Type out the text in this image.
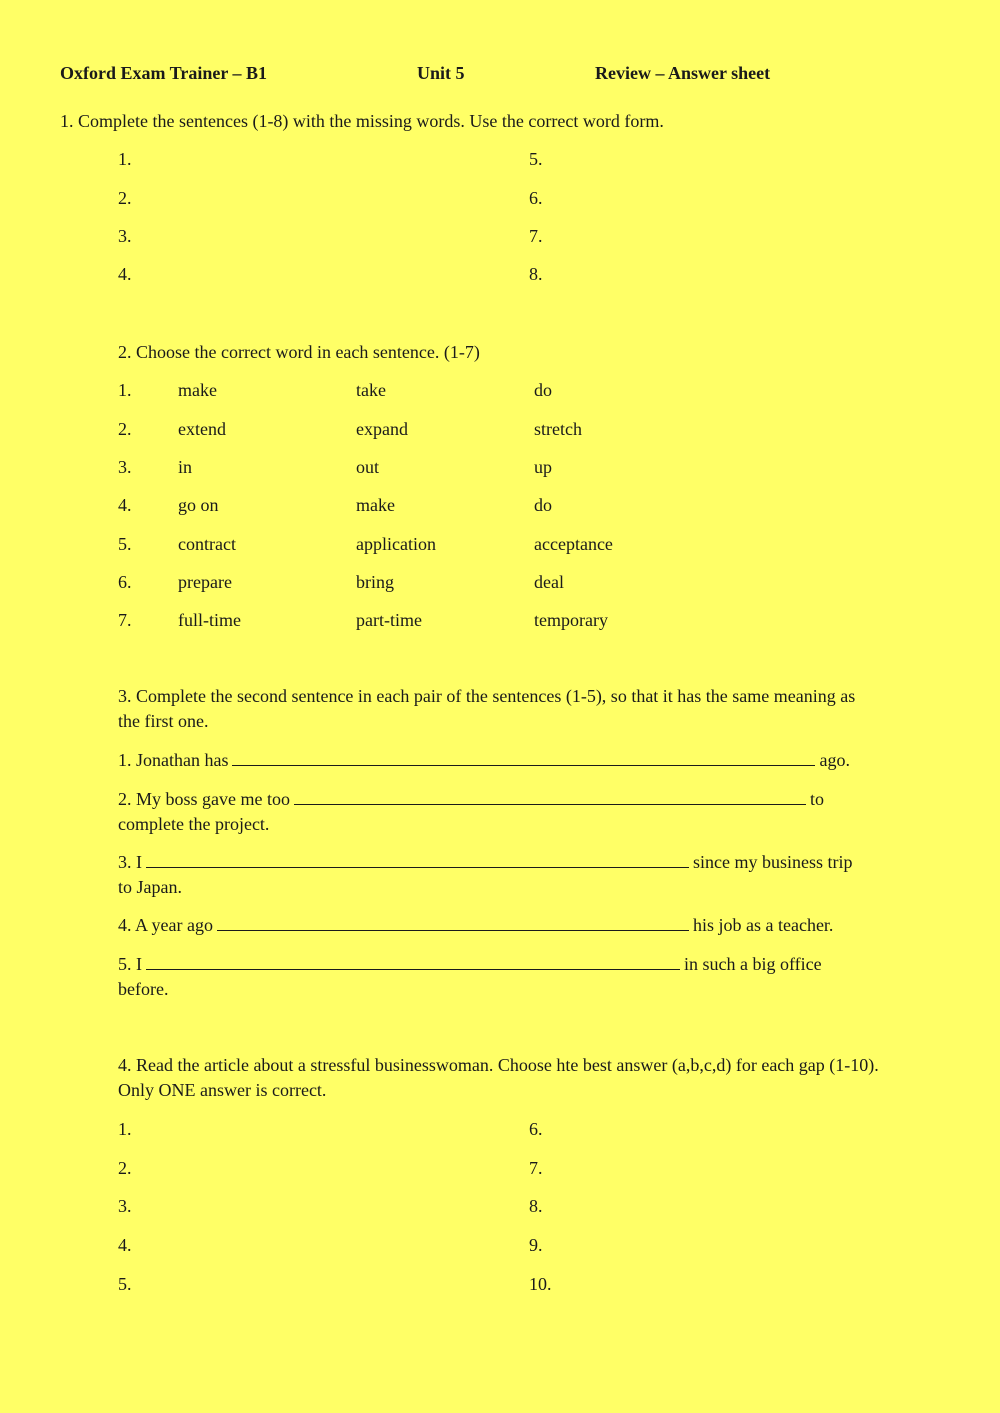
Oxford Exam Trainer – B1	Unit 5	Review – Answer sheet
1. Complete the sentences (1-8) with the missing words. Use the correct word form.
1.
2.
3.
4.
5.
6.
7.
8.
2. Choose the correct word in each sentence. (1-7)
1.	make	take	do
2.	extend	expand	stretch
3.	in	out	up
4.	go on	make	do
5.	contract	application	acceptance
6.	prepare	bring	deal
7.	full-time	part-time	temporary
3. Complete the second sentence in each pair of the sentences (1-5), so that it has the same meaning as the first one.
1. Jonathan has	ago.
2. My boss gave me too	to
complete the project.
3. I	since my business trip
to Japan.
4. A year ago	his job as a teacher.
5. I	in such a big office
before.
4. Read the article about a stressful businesswoman. Choose hte best answer (a,b,c,d) for each gap (1-10). Only ONE answer is correct.
1.
2.
3.
4.
5.
6.
7.
8.
9.
10.
